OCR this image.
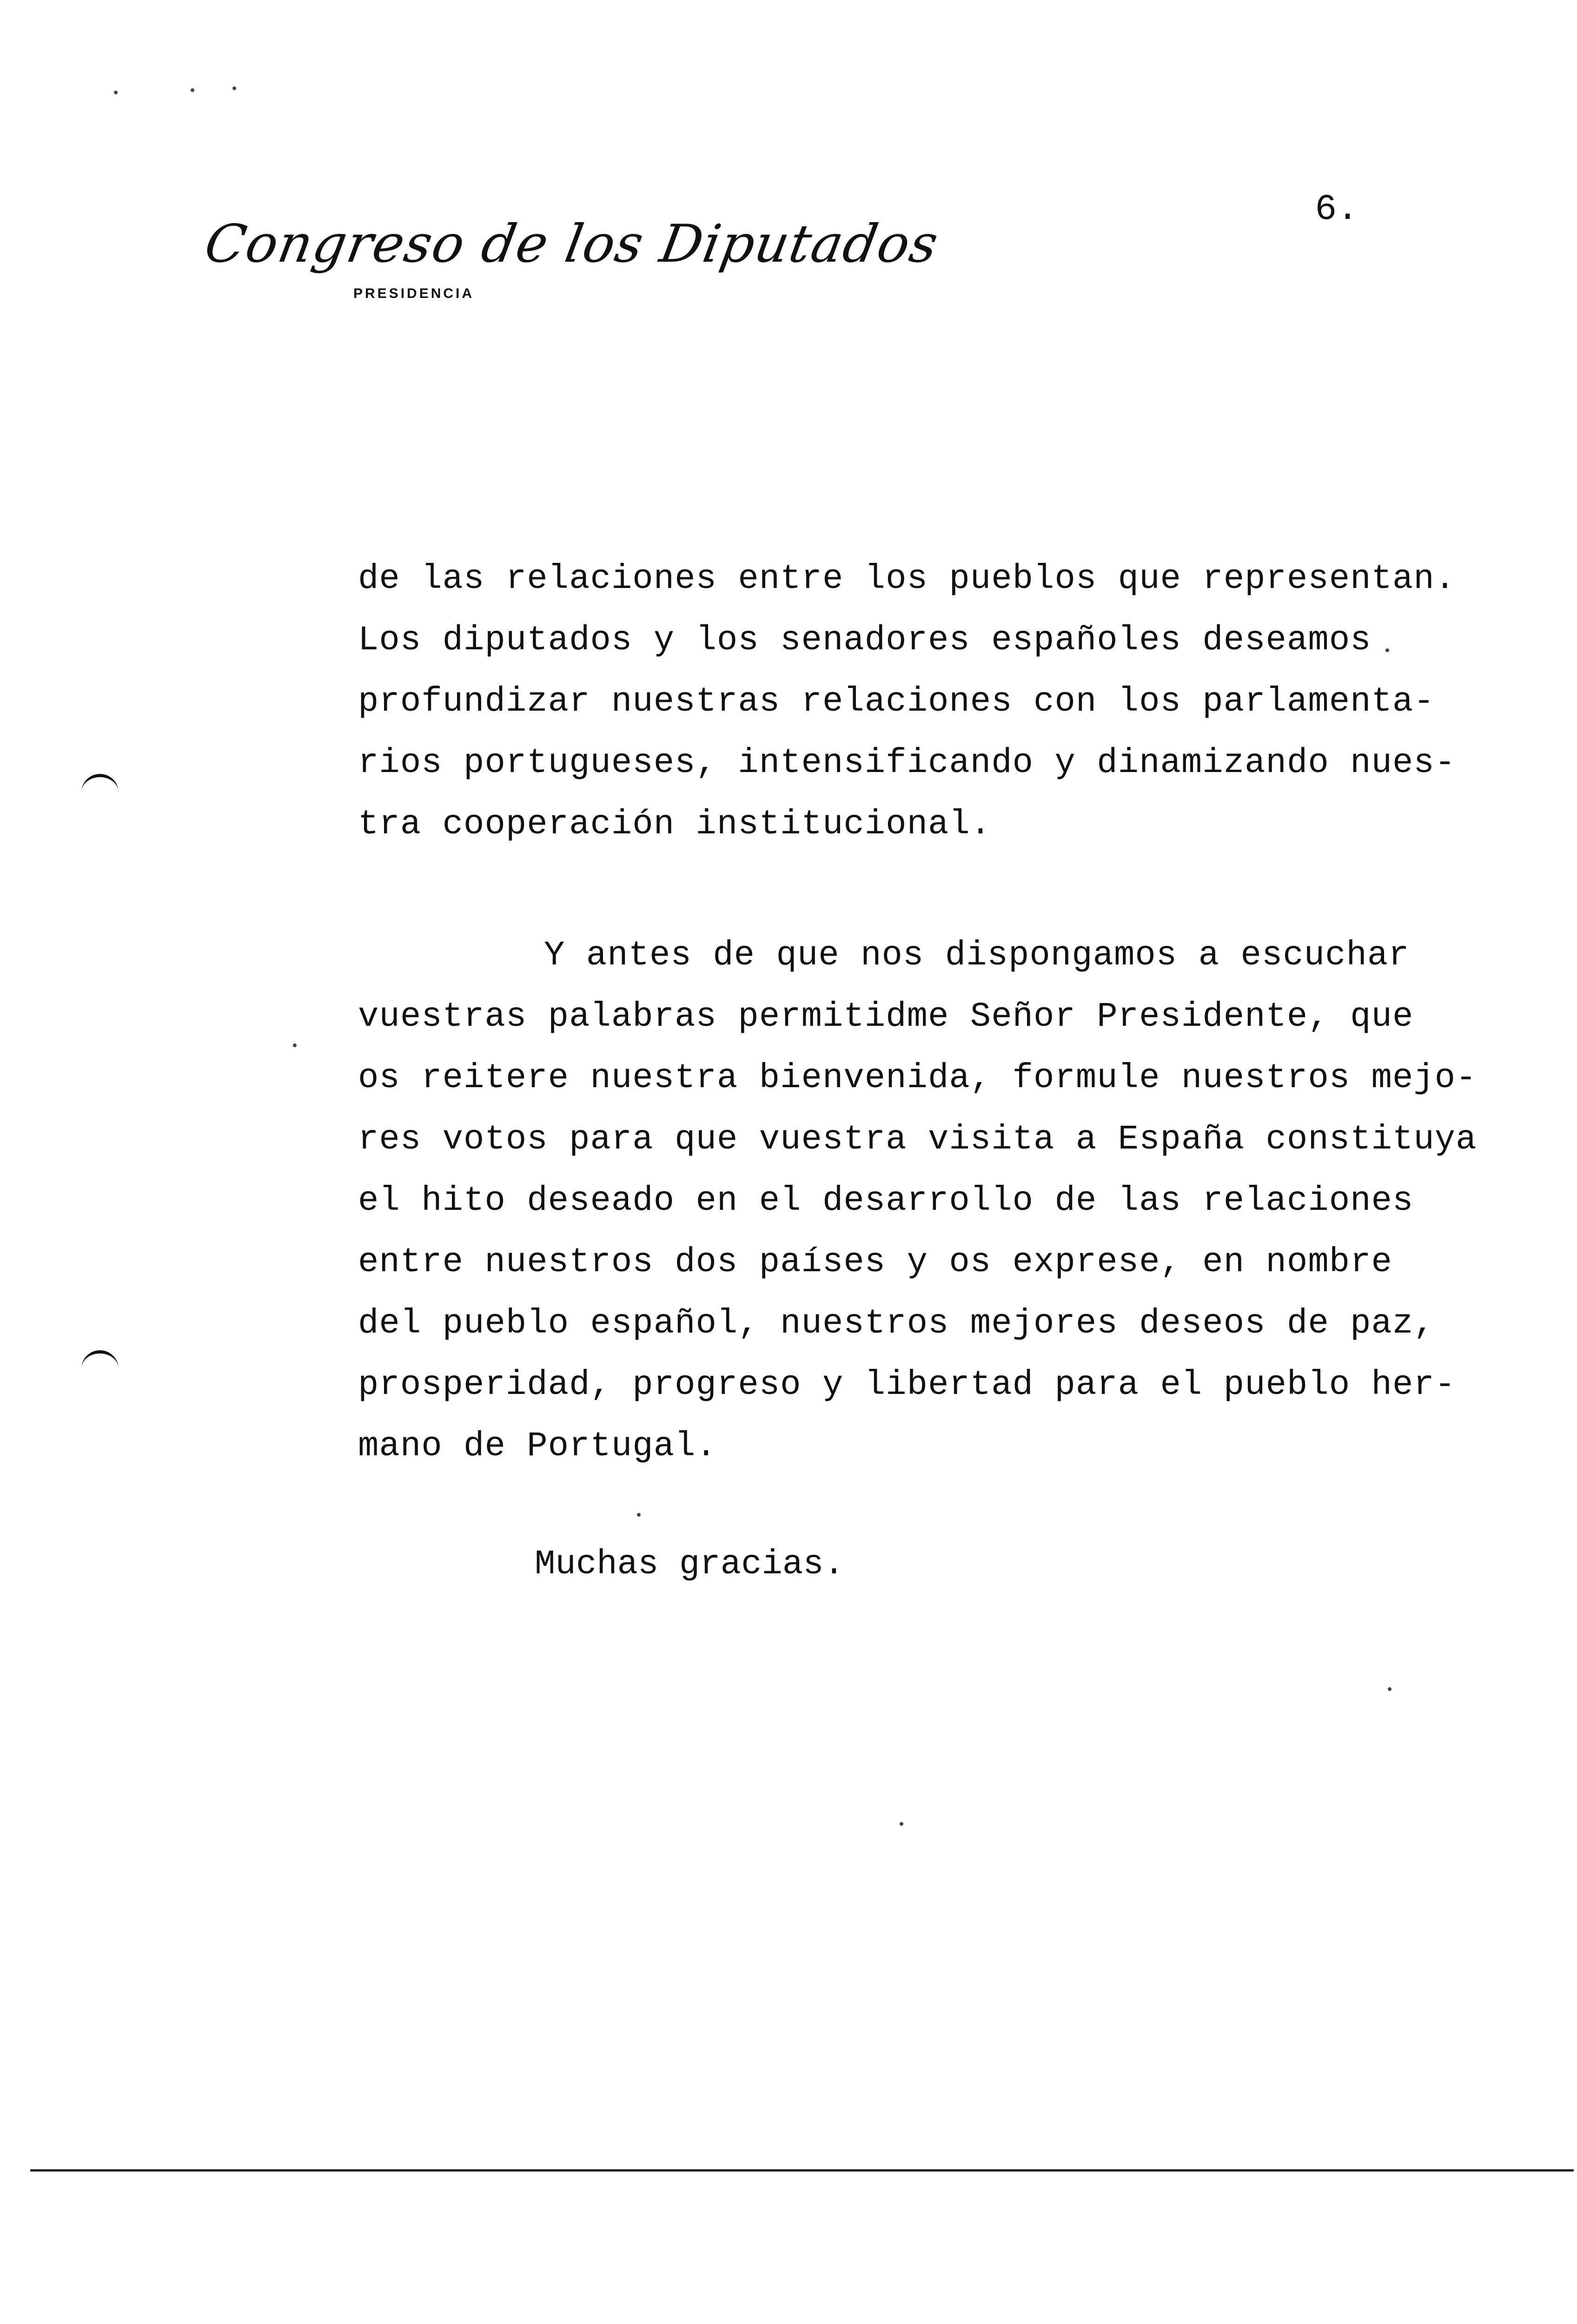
Congreso de los Diputados
PRESIDENCIA
6.
de las relaciones entre los pueblos que representan.
Los diputados y los senadores españoles deseamos
profundizar nuestras relaciones con los parlamenta-
rios portugueses, intensificando y dinamizando nues-
tra cooperación institucional.
Y antes de que nos dispongamos a escuchar
vuestras palabras permitidme Señor Presidente, que
os reitere nuestra bienvenida, formule nuestros mejo-
res votos para que vuestra visita a España constituya
el hito deseado en el desarrollo de las relaciones
entre nuestros dos países y os exprese, en nombre
del pueblo español, nuestros mejores deseos de paz,
prosperidad, progreso y libertad para el pueblo her-
mano de Portugal.
Muchas gracias.
